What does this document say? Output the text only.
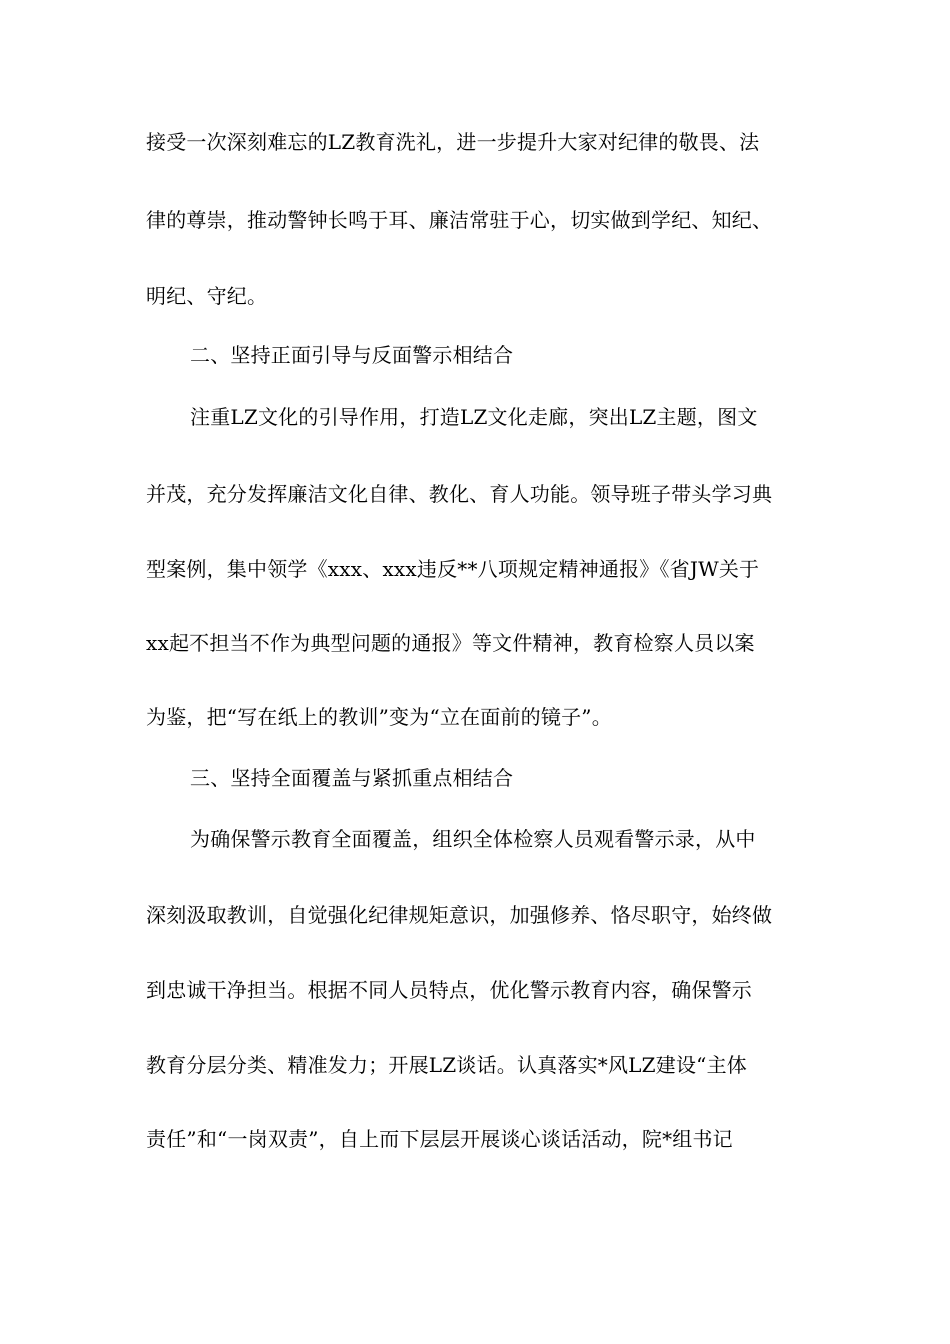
接受一次深刻难忘的LZ教育洗礼，进一步提升大家对纪律的敬畏、法
律的尊崇，推动警钟长鸣于耳、廉洁常驻于心，切实做到学纪、知纪、
明纪、守纪。
二、坚持正面引导与反面警示相结合
注重LZ文化的引导作用，打造LZ文化走廊，突出LZ主题，图文
并茂，充分发挥廉洁文化自律、教化、育人功能。领导班子带头学习典
型案例，集中领学《xxx、xxx违反**八项规定精神通报》《省JW关于
xx起不担当不作为典型问题的通报》等文件精神，教育检察人员以案
为鉴，把“写在纸上的教训”变为“立在面前的镜子”。
三、坚持全面覆盖与紧抓重点相结合
为确保警示教育全面覆盖，组织全体检察人员观看警示录，从中
深刻汲取教训，自觉强化纪律规矩意识，加强修养、恪尽职守，始终做
到忠诚干净担当。根据不同人员特点，优化警示教育内容，确保警示
教育分层分类、精准发力；开展LZ谈话。认真落实*风LZ建设“主体
责任”和“一岗双责”，自上而下层层开展谈心谈话活动，院*组书记
